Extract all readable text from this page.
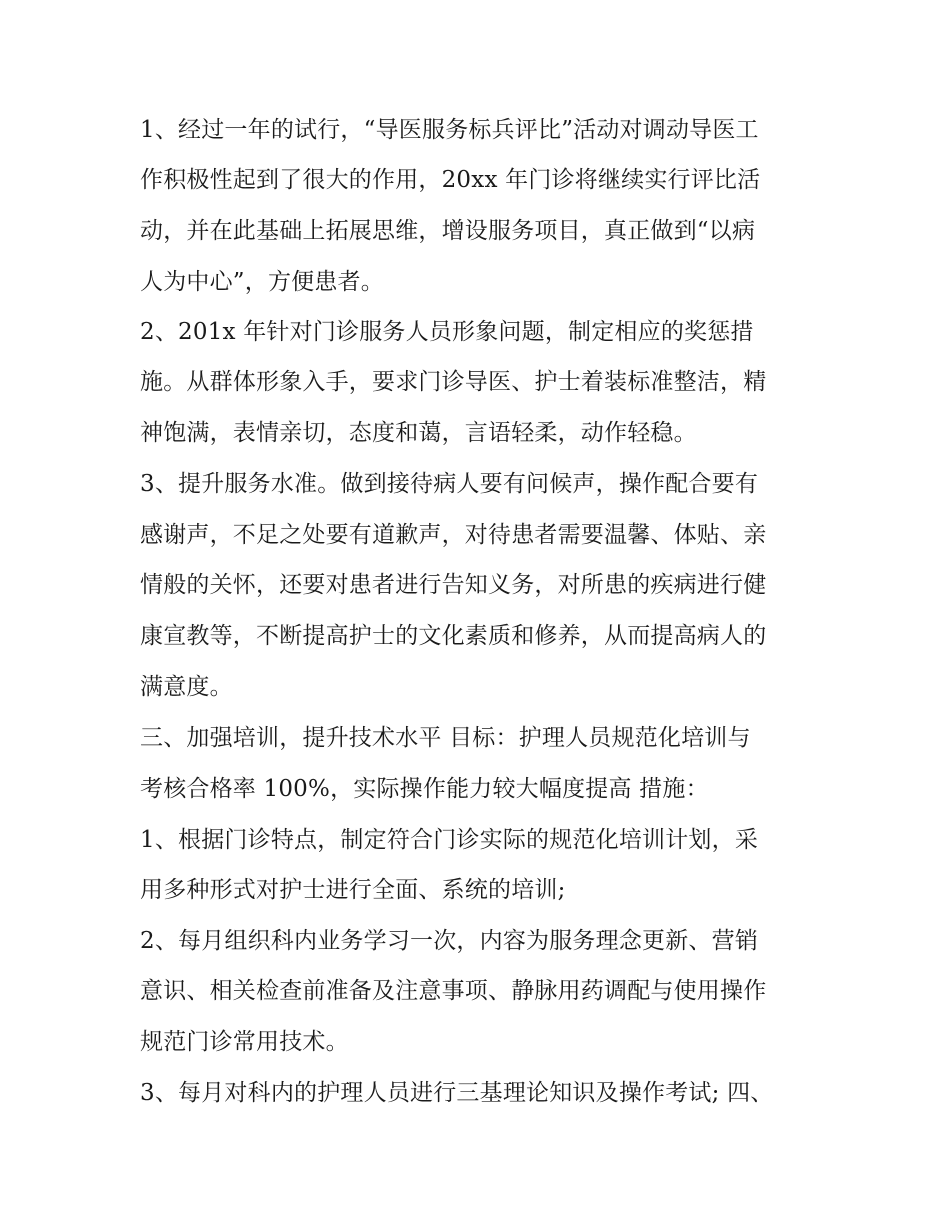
1、经过一年的试行，“导医服务标兵评比”活动对调动导医工
作积极性起到了很大的作用，20xx 年门诊将继续实行评比活
动，并在此基础上拓展思维，增设服务项目，真正做到“以病
人为中心”，方便患者。
2、201x 年针对门诊服务人员形象问题，制定相应的奖惩措
施。从群体形象入手，要求门诊导医、护士着装标准整洁，精
神饱满，表情亲切，态度和蔼，言语轻柔，动作轻稳。
3、提升服务水准。做到接待病人要有问候声，操作配合要有
感谢声，不足之处要有道歉声，对待患者需要温馨、体贴、亲
情般的关怀，还要对患者进行告知义务，对所患的疾病进行健
康宣教等，不断提高护士的文化素质和修养，从而提高病人的
满意度。
三、加强培训，提升技术水平 目标：护理人员规范化培训与
考核合格率 100%，实际操作能力较大幅度提高 措施：
1、根据门诊特点，制定符合门诊实际的规范化培训计划，采
用多种形式对护士进行全面、系统的培训;
2、每月组织科内业务学习一次，内容为服务理念更新、营销
意识、相关检查前准备及注意事项、静脉用药调配与使用操作
规范门诊常用技术。
3、每月对科内的护理人员进行三基理论知识及操作考试; 四、
